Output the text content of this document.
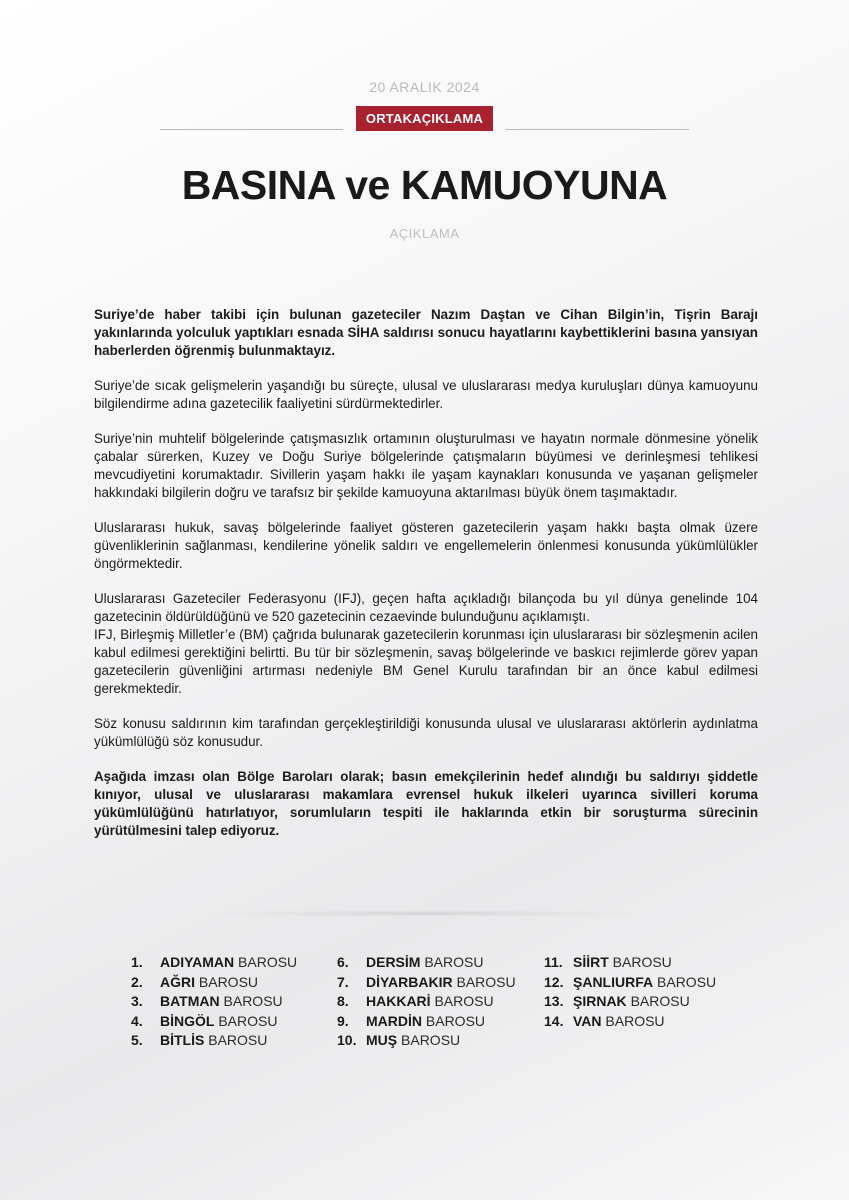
20 ARALIK 2024
ORTAKAÇIKLAMA
BASINA ve KAMUOYUNA
AÇIKLAMA

Suriye’de haber takibi için bulunan gazeteciler Nazım Daştan ve Cihan Bilgin’in, Tişrin Barajı yakınlarında yolculuk yaptıkları esnada SİHA saldırısı sonucu hayatlarını kaybettiklerini basına yansıyan haberlerden öğrenmiş bulunmaktayız.

Suriye’de sıcak gelişmelerin yaşandığı bu süreçte, ulusal ve uluslararası medya kuruluşları dünya kamuoyunu bilgilendirme adına gazetecilik faaliyetini sürdürmektedirler.

Suriye’nin muhtelif bölgelerinde çatışmasızlık ortamının oluşturulması ve hayatın normale dönmesine yönelik çabalar sürerken, Kuzey ve Doğu Suriye bölgelerinde çatışmaların büyümesi ve derinleşmesi tehlikesi mevcudiyetini korumaktadır. Sivillerin yaşam hakkı ile yaşam kaynakları konusunda ve yaşanan gelişmeler hakkındaki bilgilerin doğru ve tarafsız bir şekilde kamuoyuna aktarılması büyük önem taşımaktadır.

Uluslararası hukuk, savaş bölgelerinde faaliyet gösteren gazetecilerin yaşam hakkı başta olmak üzere güvenliklerinin sağlanması, kendilerine yönelik saldırı ve engellemelerin önlenmesi konusunda yükümlülükler öngörmektedir.

Uluslararası Gazeteciler Federasyonu (IFJ), geçen hafta açıkladığı bilançoda bu yıl dünya genelinde 104 gazetecinin öldürüldüğünü ve 520 gazetecinin cezaevinde bulunduğunu açıklamıştı.

IFJ, Birleşmiş Milletler’e (BM) çağrıda bulunarak gazetecilerin korunması için uluslararası bir sözleşmenin acilen kabul edilmesi gerektiğini belirtti. Bu tür bir sözleşmenin, savaş bölgelerinde ve baskıcı rejimlerde görev yapan gazetecilerin güvenliğini artırması nedeniyle BM Genel Kurulu tarafından bir an önce kabul edilmesi gerekmektedir.

Söz konusu saldırının kim tarafından gerçekleştirildiği konusunda ulusal ve uluslararası aktörlerin aydınlatma yükümlülüğü söz konusudur.

Aşağıda imzası olan Bölge Baroları olarak; basın emekçilerinin hedef alındığı bu saldırıyı şiddetle kınıyor, ulusal ve uluslararası makamlara evrensel hukuk ilkeleri uyarınca sivilleri koruma yükümlülüğünü hatırlatıyor, sorumluların tespiti ile haklarında etkin bir soruşturma sürecinin yürütülmesini talep ediyoruz.

1. ADIYAMAN BAROSU
2. AĞRI BAROSU
3. BATMAN BAROSU
4. BİNGÖL BAROSU
5. BİTLİS BAROSU
6. DERSİM BAROSU
7. DİYARBAKIR BAROSU
8. HAKKARİ BAROSU
9. MARDİN BAROSU
10. MUŞ BAROSU
11. SİİRT BAROSU
12. ŞANLIURFA BAROSU
13. ŞIRNAK BAROSU
14. VAN BAROSU
